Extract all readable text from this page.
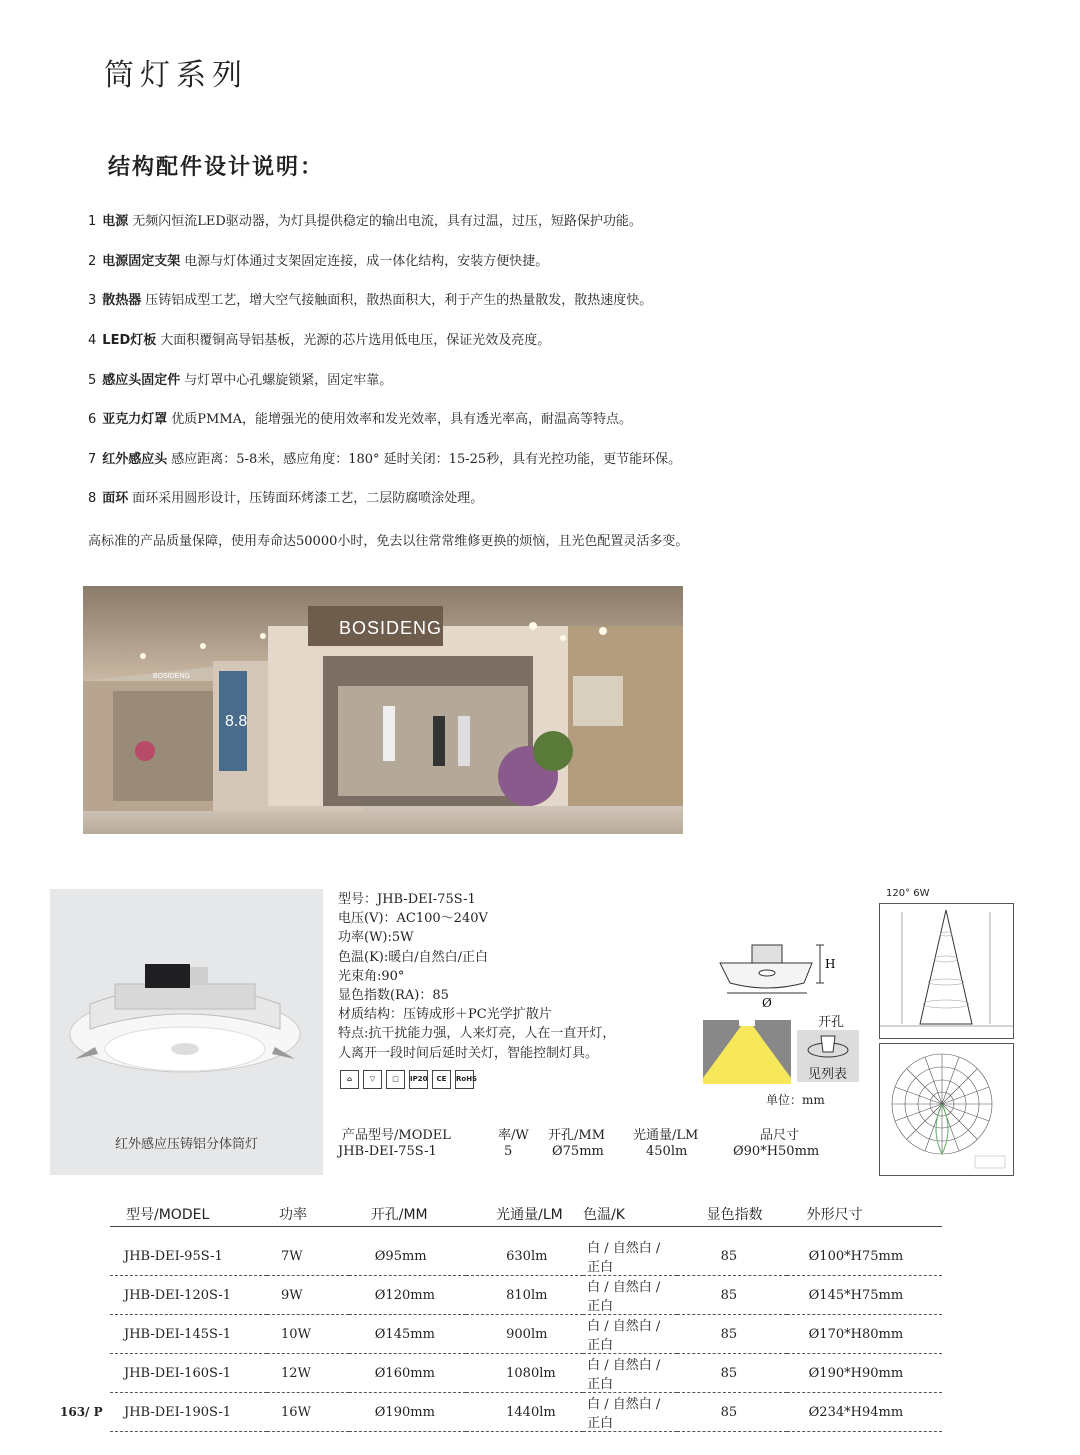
筒灯系列
结构配件设计说明：
1 电源 无频闪恒流LED驱动器，为灯具提供稳定的输出电流，具有过温，过压，短路保护功能。
2 电源固定支架 电源与灯体通过支架固定连接，成一体化结构，安装方便快捷。
3 散热器 压铸铝成型工艺，增大空气接触面积，散热面积大，利于产生的热量散发，散热速度快。
4 LED灯板 大面积覆铜高导铝基板，光源的芯片选用低电压，保证光效及亮度。
5 感应头固定件 与灯罩中心孔螺旋锁紧，固定牢靠。
6 亚克力灯罩 优质PMMA，能增强光的使用效率和发光效率，具有透光率高，耐温高等特点。
7 红外感应头 感应距离：5-8米，感应角度：180° 延时关闭：15-25秒，具有光控功能，更节能环保。
8 面环 面环采用圆形设计，压铸面环烤漆工艺，二层防腐喷涂处理。
高标准的产品质量保障，使用寿命达50000小时，免去以往常常维修更换的烦恼，且光色配置灵活多变。
BOSIDENG
BOSIDENG
8.8
红外感应压铸铝分体筒灯
型号：JHB-DEI-75S-1
电压(V)：AC100～240V
功率(W):5W
色温(K):暖白/自然白/正白
光束角:90°
显色指数(RA)：85
材质结构：压铸成形＋PC光学扩散片
特点:抗干扰能力强，人来灯亮，人在一直开灯，
人离开一段时间后延时关灯，智能控制灯具。
⌂	▽	□	IP20	CE	RoHS
H
Ø
开孔
见列表
单位：mm
120° 6W
产品型号/MODEL	率/W 开孔/MM 光通量/LM	品尺寸
JHB-DEI-75S-1	5	Ø75mm	450lm	Ø90*H50mm
型号/MODEL	功率	开孔/MM	光通量/LM	色温/K	显色指数	外形尺寸

JHB-DEI-95S-1	7W	Ø95mm	630lm	白 / 自然白 / 正白	85	Ø100*H75mm
JHB-DEI-120S-1	9W	Ø120mm	810lm	白 / 自然白 / 正白	85	Ø145*H75mm
JHB-DEI-145S-1	10W	Ø145mm	900lm	白 / 自然白 / 正白	85	Ø170*H80mm
JHB-DEI-160S-1	12W	Ø160mm	1080lm	白 / 自然白 / 正白	85	Ø190*H90mm
JHB-DEI-190S-1	16W	Ø190mm	1440lm	白 / 自然白 / 正白	85	Ø234*H94mm
163/ P
